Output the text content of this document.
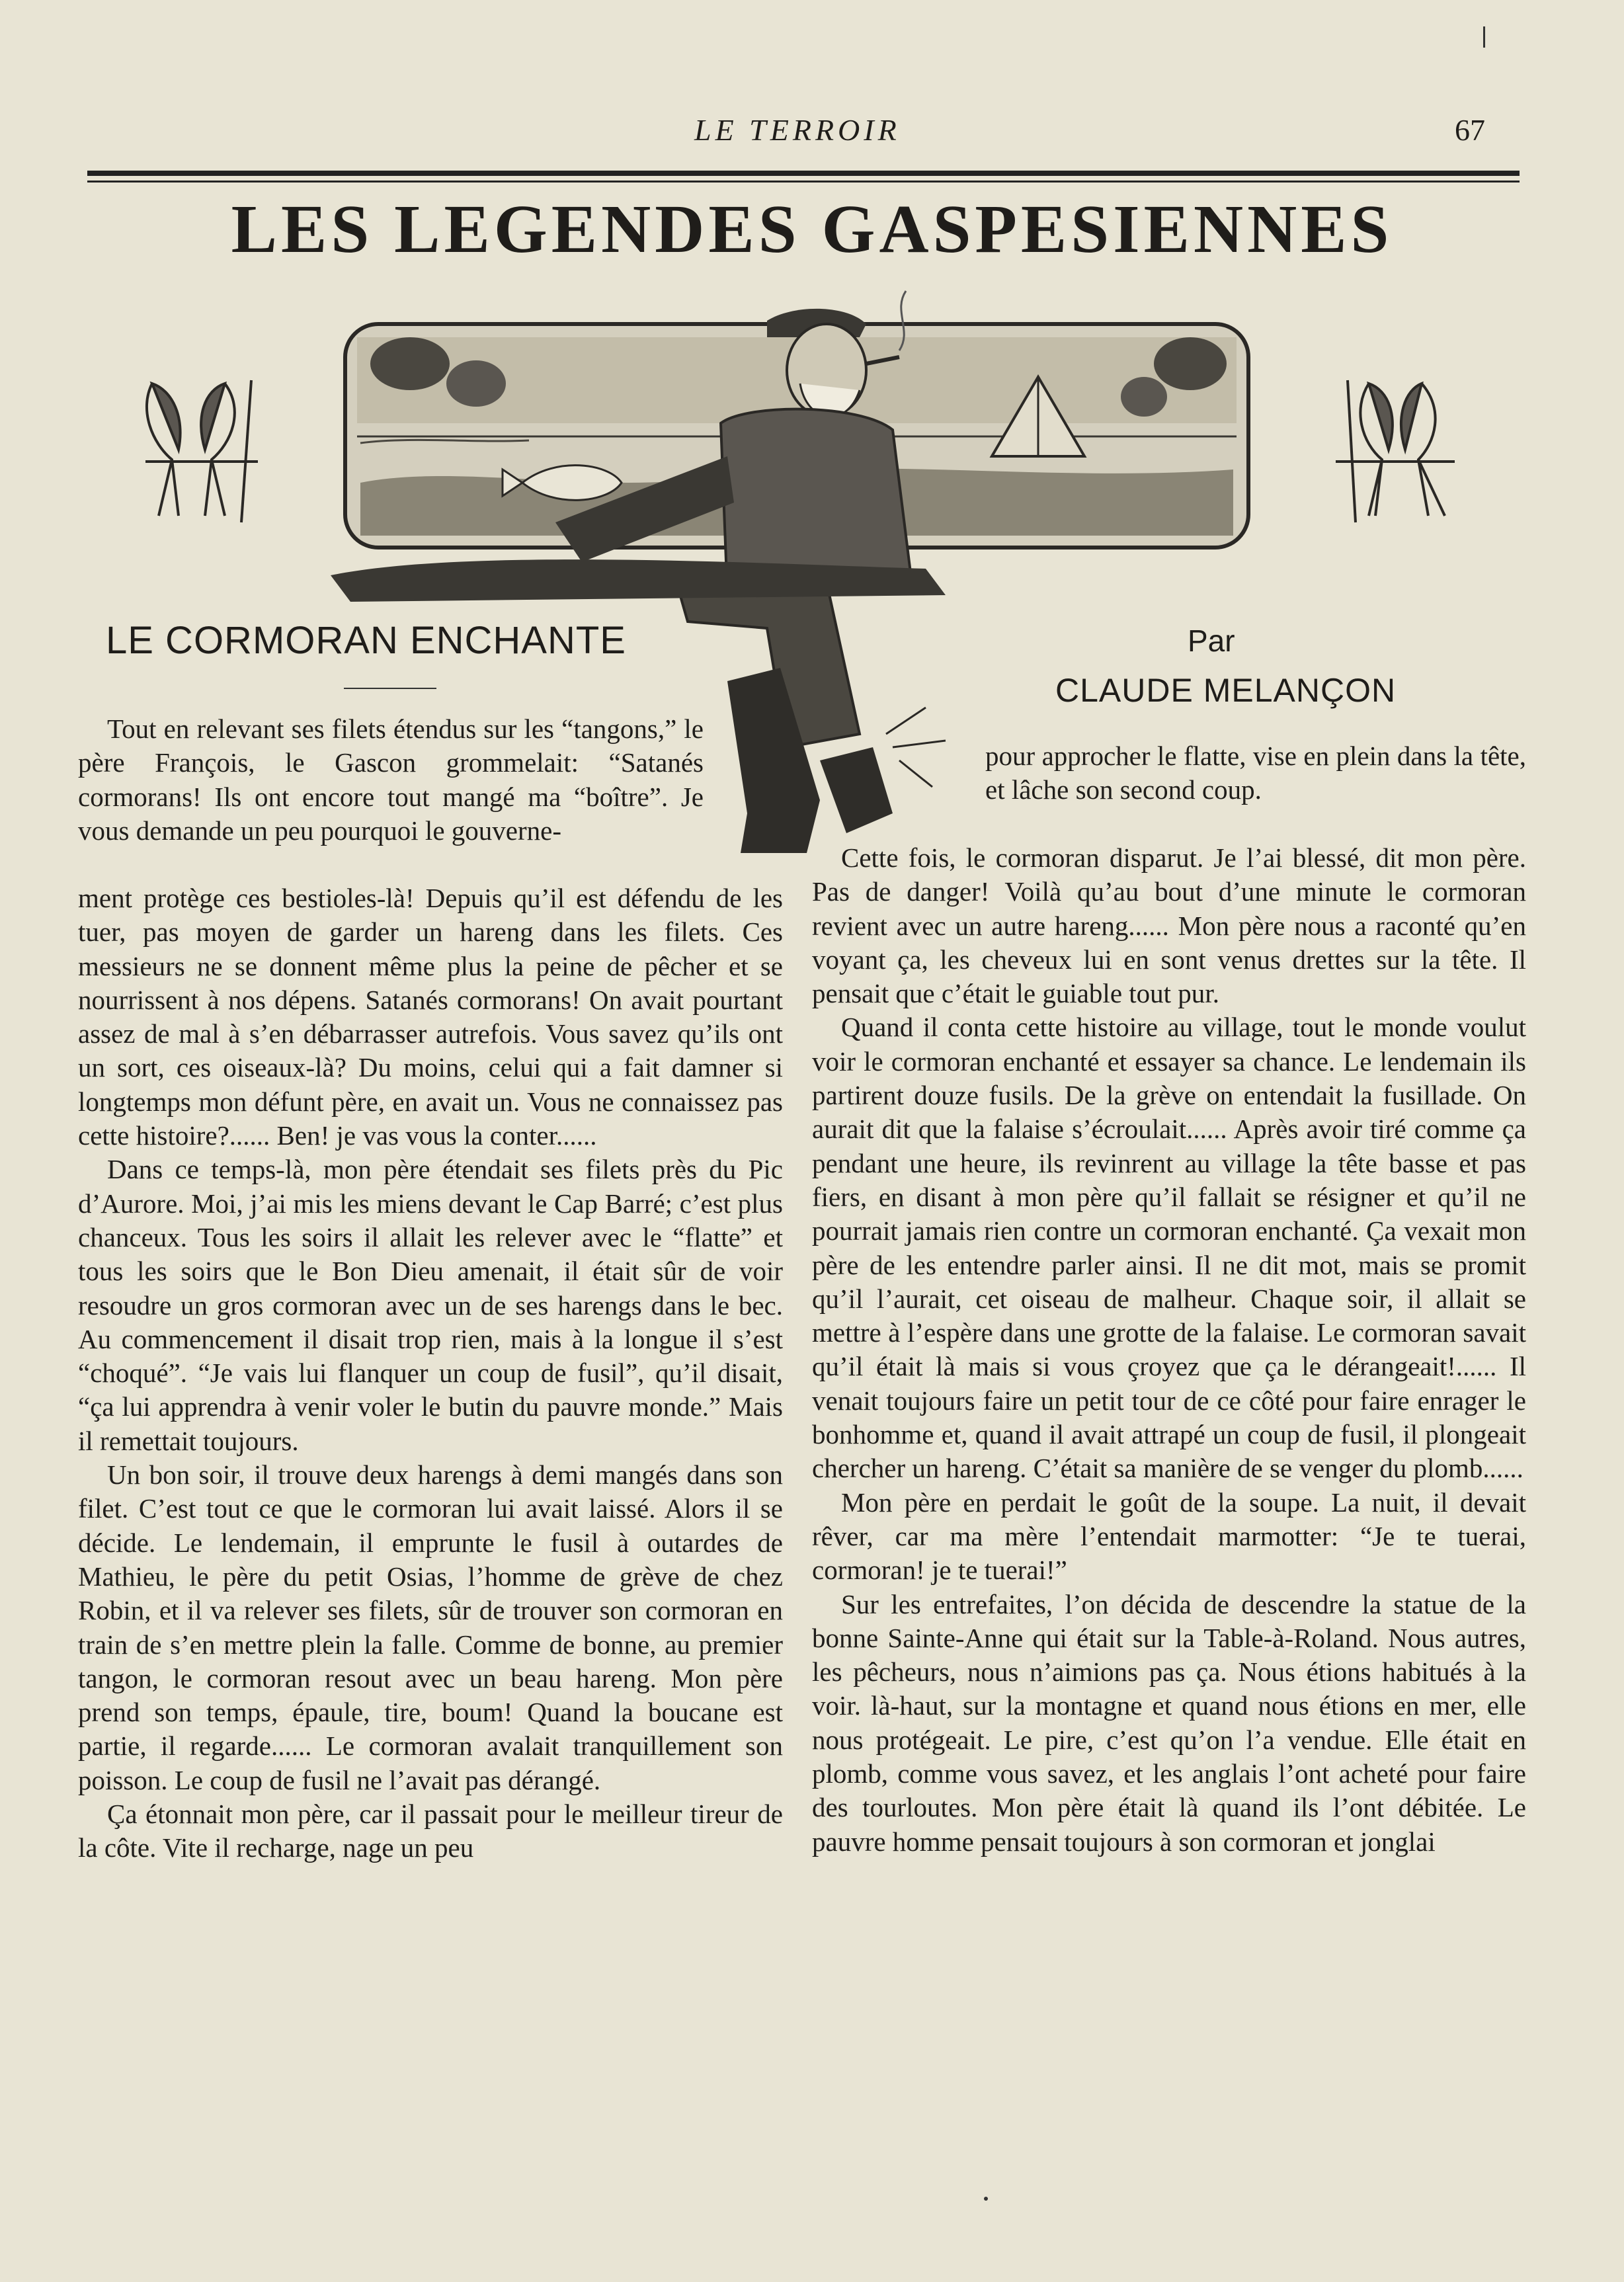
LE TERROIR	67
LES LEGENDES GASPESIENNES
LE CORMORAN ENCHANTE	Par
CLAUDE MELANÇON

Tout en relevant ses filets étendus sur les “tangons,” le père François, le Gascon grommelait: “Satanés cormorans! Ils ont encore tout mangé ma “boître”. Je vous demande un peu pourquoi le gouverne-

ment protège ces bestioles-là! Depuis qu’il est défendu de les tuer, pas moyen de garder un hareng dans les filets. Ces messieurs ne se donnent même plus la peine de pêcher et se nourrissent à nos dépens. Satanés cormorans! On avait pourtant assez de mal à s’en débarrasser autrefois. Vous savez qu’ils ont un sort, ces oiseaux-là? Du moins, celui qui a fait damner si longtemps mon défunt père, en avait un. Vous ne connaissez pas cette histoire?...... Ben! je vas vous la conter......

Dans ce temps-là, mon père étendait ses filets près du Pic d’Aurore. Moi, j’ai mis les miens devant le Cap Barré; c’est plus chanceux. Tous les soirs il allait les relever avec le “flatte” et tous les soirs que le Bon Dieu amenait, il était sûr de voir resoudre un gros cormoran avec un de ses harengs dans le bec. Au commencement il disait trop rien, mais à la longue il s’est “choqué”. “Je vais lui flanquer un coup de fusil”, qu’il disait, “ça lui apprendra à venir voler le butin du pauvre monde.” Mais il remettait toujours.

Un bon soir, il trouve deux harengs à demi mangés dans son filet. C’est tout ce que le cormoran lui avait laissé. Alors il se décide. Le lendemain, il emprunte le fusil à outardes de Mathieu, le père du petit Osias, l’homme de grève de chez Robin, et il va relever ses filets, sûr de trouver son cormoran en train de s’en mettre plein la falle. Comme de bonne, au premier tangon, le cormoran resout avec un beau hareng. Mon père prend son temps, épaule, tire, boum! Quand la boucane est partie, il regarde...... Le cormoran avalait tranquillement son poisson. Le coup de fusil ne l’avait pas dérangé.

Ça étonnait mon père, car il passait pour le meilleur tireur de la côte. Vite il recharge, nage un peu

pour approcher le flatte, vise en plein dans la tête, et lâche son second coup.

Cette fois, le cormoran disparut. Je l’ai blessé, dit mon père. Pas de danger! Voilà qu’au bout d’une minute le cormoran revient avec un autre hareng...... Mon père nous a raconté qu’en voyant ça, les cheveux lui en sont venus drettes sur la tête. Il pensait que c’était le guiable tout pur.

Quand il conta cette histoire au village, tout le monde voulut voir le cormoran enchanté et essayer sa chance. Le lendemain ils partirent douze fusils. De la grève on entendait la fusillade. On aurait dit que la falaise s’écroulait...... Après avoir tiré comme ça pendant une heure, ils revinrent au village la tête basse et pas fiers, en disant à mon père qu’il fallait se résigner et qu’il ne pourrait jamais rien contre un cormoran enchanté. Ça vexait mon père de les entendre parler ainsi. Il ne dit mot, mais se promit qu’il l’aurait, cet oiseau de malheur. Chaque soir, il allait se mettre à l’espère dans une grotte de la falaise. Le cormoran savait qu’il était là mais si vous çroyez que ça le dérangeait!...... Il venait toujours faire un petit tour de ce côté pour faire enrager le bonhomme et, quand il avait attrapé un coup de fusil, il plongeait chercher un hareng. C’était sa manière de se venger du plomb......

Mon père en perdait le goût de la soupe. La nuit, il devait rêver, car ma mère l’entendait marmotter: “Je te tuerai, cormoran! je te tuerai!”

Sur les entrefaites, l’on décida de descendre la statue de la bonne Sainte-Anne qui était sur la Table-à-Roland. Nous autres, les pêcheurs, nous n’aimions pas ça. Nous étions habitués à la voir. là-haut, sur la montagne et quand nous étions en mer, elle nous protégeait. Le pire, c’est qu’on l’a vendue. Elle était en plomb, comme vous savez, et les anglais l’ont acheté pour faire des tourloutes. Mon père était là quand ils l’ont débitée. Le pauvre homme pensait toujours à son cormoran et jonglai
